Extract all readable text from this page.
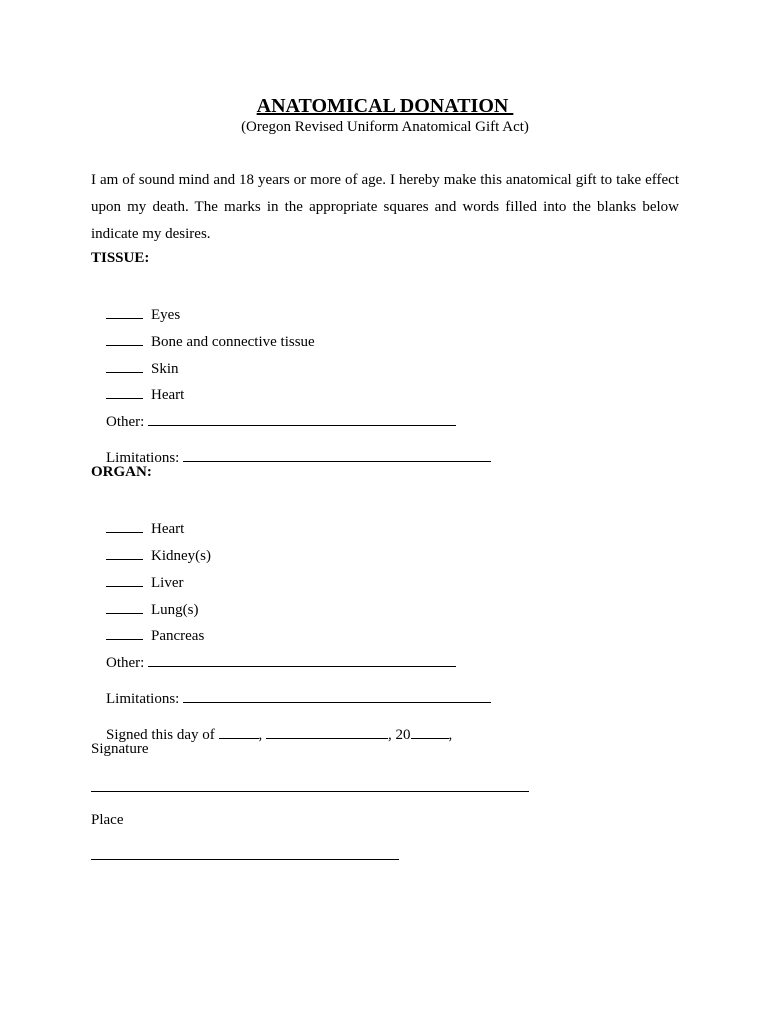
ANATOMICAL DONATION
(Oregon Revised Uniform Anatomical Gift Act)

I am of sound mind and 18 years or more of age. I hereby make this anatomical gift to take effect upon my death. The marks in the appropriate squares and words filled into the blanks below indicate my desires.

TISSUE:

Eyes

Bone and connective tissue

Skin

Heart

Other:

Limitations:

ORGAN:

Heart

Kidney(s)

Liver

Lung(s)

Pancreas

Other:

Limitations:

Signed this day of	,	, 20	,

Signature
Place
